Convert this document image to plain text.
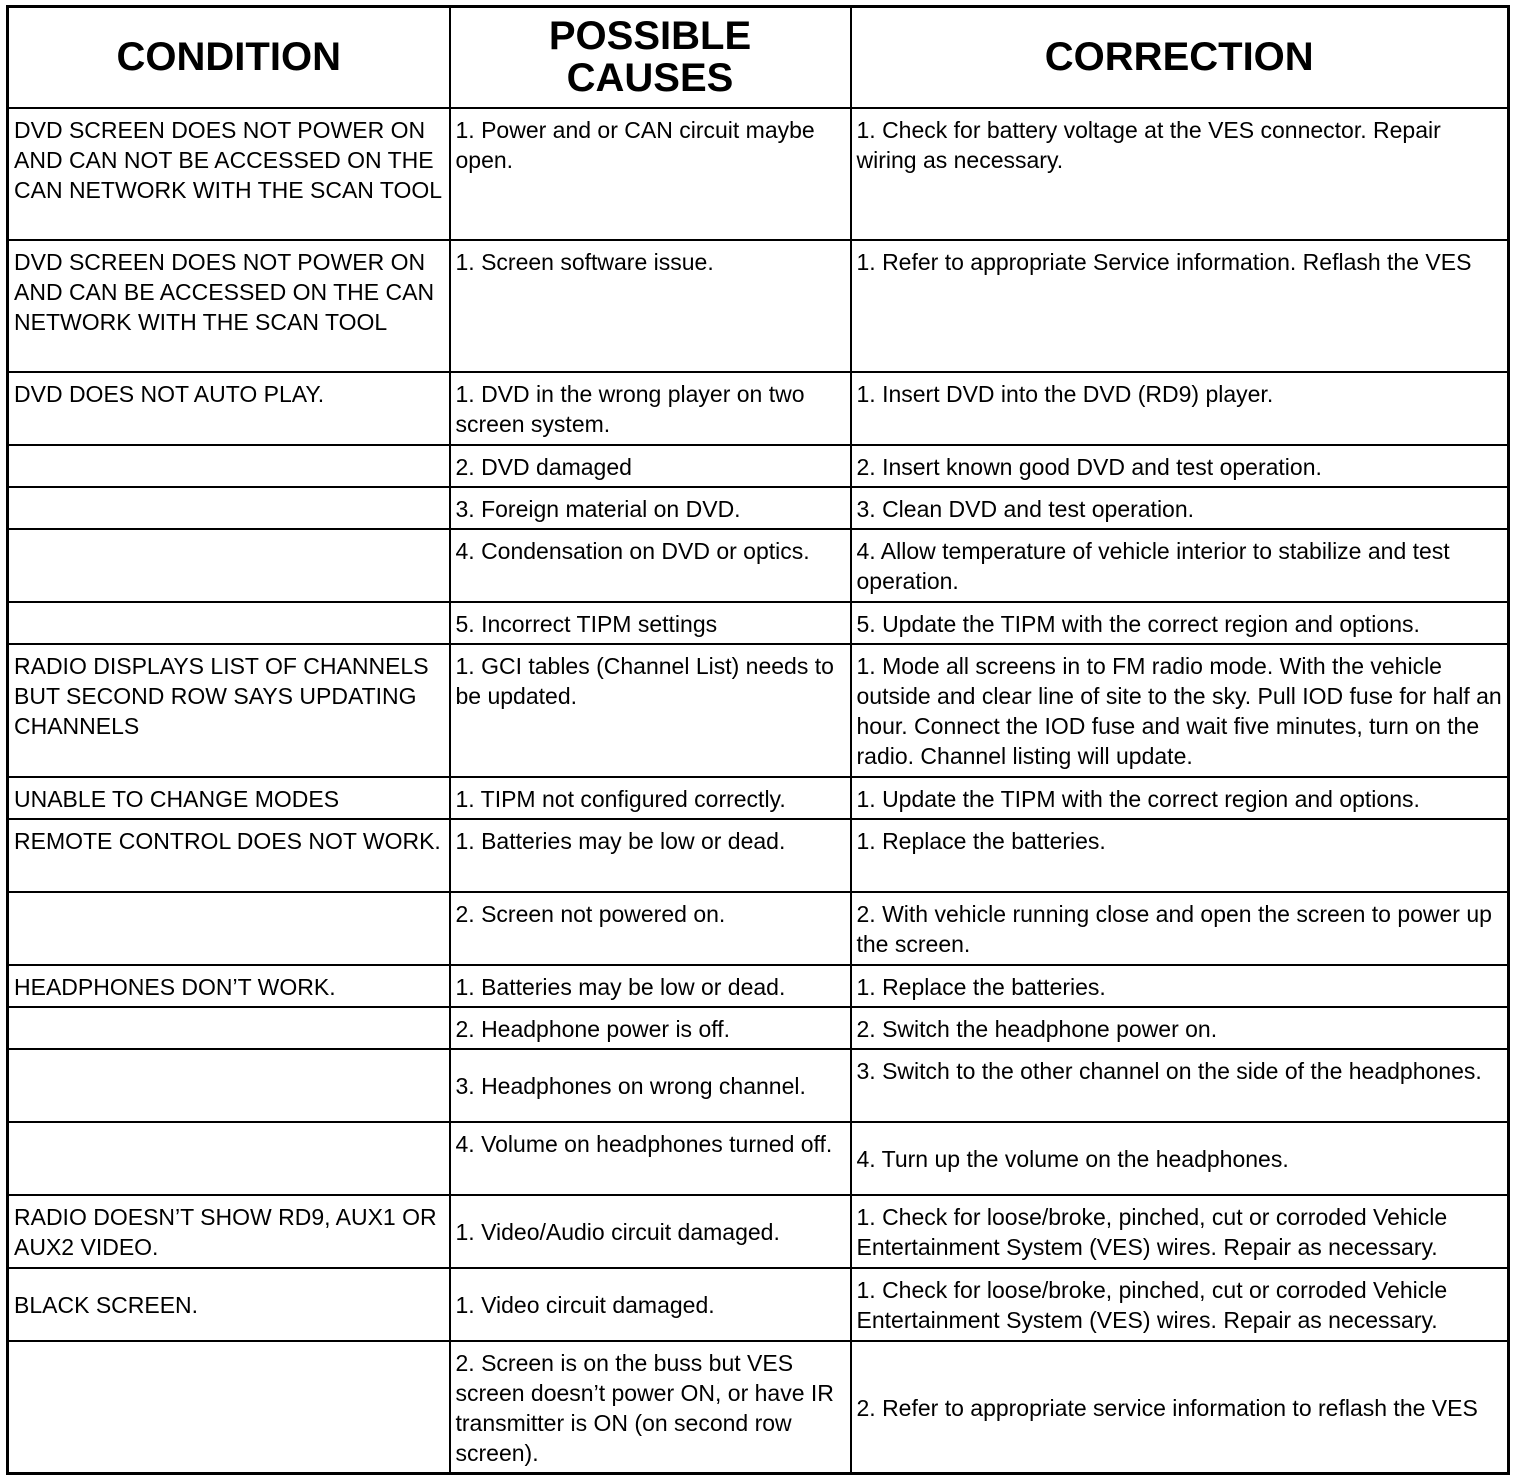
CONDITION	POSSIBLE CAUSES	CORRECTION
DVD SCREEN DOES NOT POWER ON AND CAN NOT BE ACCESSED ON THE CAN NETWORK WITH THE SCAN TOOL	1. Power and or CAN circuit maybe open.	1. Check for battery voltage at the VES connector. Repair wiring as necessary.
DVD SCREEN DOES NOT POWER ON AND CAN BE ACCESSED ON THE CAN NETWORK WITH THE SCAN TOOL	1. Screen software issue.	1. Refer to appropriate Service information. Reflash the VES
DVD DOES NOT AUTO PLAY.	1. DVD in the wrong player on two screen system.	1. Insert DVD into the DVD (RD9) player.
	2. DVD damaged	2. Insert known good DVD and test operation.
	3. Foreign material on DVD.	3. Clean DVD and test operation.
	4. Condensation on DVD or optics.	4. Allow temperature of vehicle interior to stabilize and test operation.
	5. Incorrect TIPM settings	5. Update the TIPM with the correct region and options.
RADIO DISPLAYS LIST OF CHANNELS BUT SECOND ROW SAYS UPDATING CHANNELS	1. GCI tables (Channel List) needs to be updated.	1. Mode all screens in to FM radio mode. With the vehicle outside and clear line of site to the sky. Pull IOD fuse for half an hour. Connect the IOD fuse and wait five minutes, turn on the radio. Channel listing will update.
UNABLE TO CHANGE MODES	1. TIPM not configured correctly.	1. Update the TIPM with the correct region and options.
REMOTE CONTROL DOES NOT WORK.	1. Batteries may be low or dead.	1. Replace the batteries.
	2. Screen not powered on.	2. With vehicle running close and open the screen to power up the screen.
HEADPHONES DON’T WORK.	1. Batteries may be low or dead.	1. Replace the batteries.
	2. Headphone power is off.	2. Switch the headphone power on.
	3. Headphones on wrong channel.	3. Switch to the other channel on the side of the headphones.
	4. Volume on headphones turned off.	4. Turn up the volume on the headphones.
RADIO DOESN’T SHOW RD9, AUX1 OR AUX2 VIDEO.	1. Video/Audio circuit damaged.	1. Check for loose/broke, pinched, cut or corroded Vehicle Entertainment System (VES) wires. Repair as necessary.
BLACK SCREEN.	1. Video circuit damaged.	1. Check for loose/broke, pinched, cut or corroded Vehicle Entertainment System (VES) wires. Repair as necessary.
	2. Screen is on the buss but VES screen doesn’t power ON, or have IR transmitter is ON (on second row screen).	2. Refer to appropriate service information to reflash the VES
